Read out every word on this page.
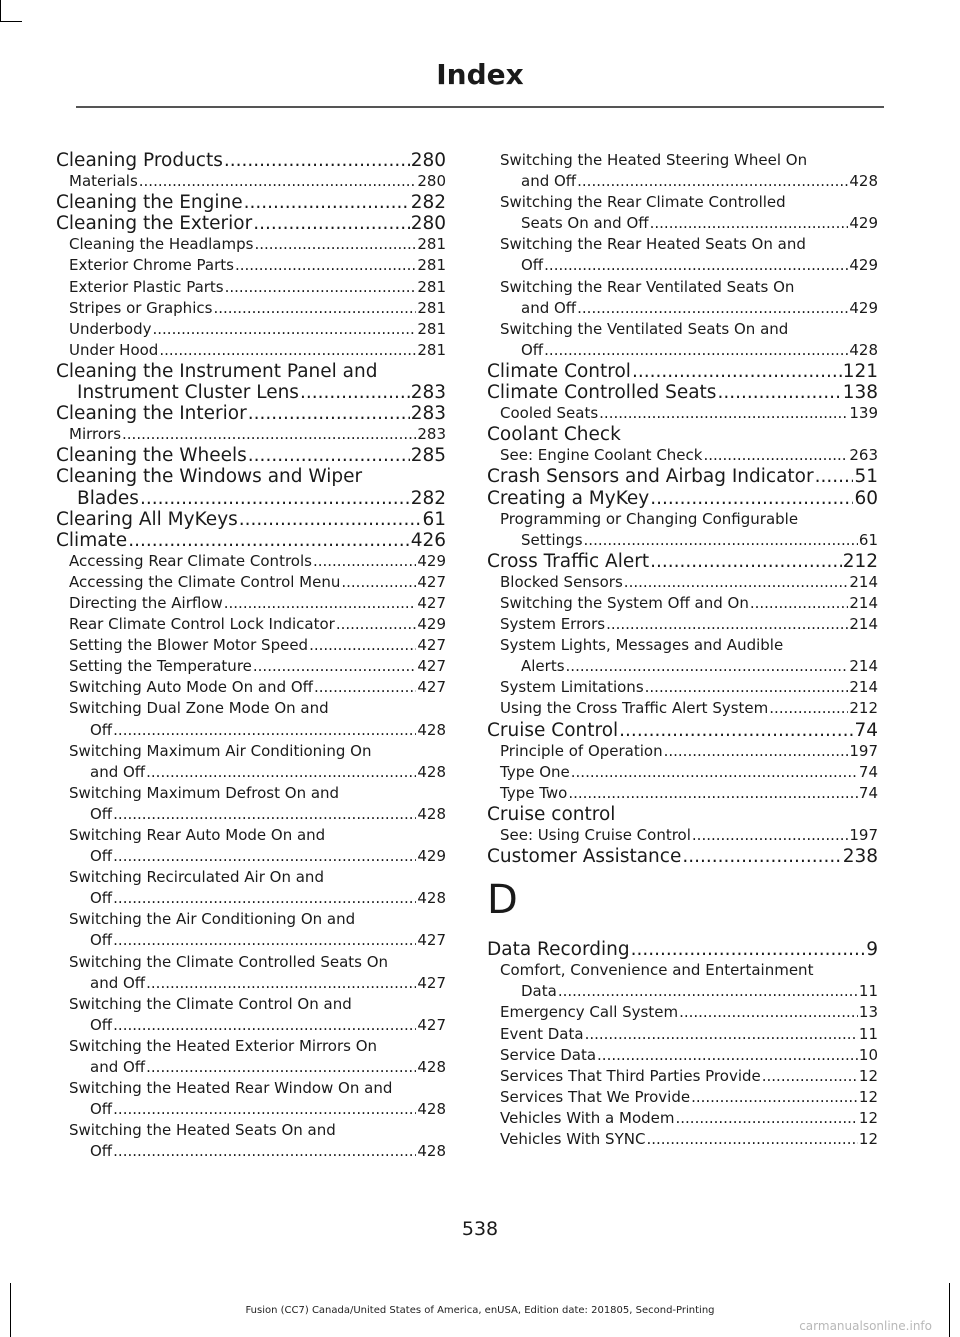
Index
Cleaning Products .....	280
Materials .....	280
Cleaning the Engine .....	282
Cleaning the Exterior .....	280
Cleaning the Headlamps .....	281
Exterior Chrome Parts .....	281
Exterior Plastic Parts .....	281
Stripes or Graphics .....	281
Underbody .....	281
Under Hood .....	281
Cleaning the Instrument Panel and
Instrument Cluster Lens .....	283
Cleaning the Interior .....	283
Mirrors .....	283
Cleaning the Wheels .....	285
Cleaning the Windows and Wiper
Blades .....	282
Clearing All MyKeys .....	61
Climate .....	426
Accessing Rear Climate Controls .....	429
Accessing the Climate Control Menu .....	427
Directing the Airflow .....	427
Rear Climate Control Lock Indicator .....	429
Setting the Blower Motor Speed .....	427
Setting the Temperature .....	427
Switching Auto Mode On and Off .....	427
Switching Dual Zone Mode On and
Off .....	428
Switching Maximum Air Conditioning On
and Off .....	428
Switching Maximum Defrost On and
Off .....	428
Switching Rear Auto Mode On and
Off .....	429
Switching Recirculated Air On and
Off .....	428
Switching the Air Conditioning On and
Off .....	427
Switching the Climate Controlled Seats On
and Off .....	427
Switching the Climate Control On and
Off .....	427
Switching the Heated Exterior Mirrors On
and Off .....	428
Switching the Heated Rear Window On and
Off .....	428
Switching the Heated Seats On and
Off .....	428
Switching the Heated Steering Wheel On
and Off .....	428
Switching the Rear Climate Controlled
Seats On and Off .....	429
Switching the Rear Heated Seats On and
Off .....	429
Switching the Rear Ventilated Seats On
and Off .....	429
Switching the Ventilated Seats On and
Off .....	428
Climate Control .....	121
Climate Controlled Seats .....	138
Cooled Seats .....	139
Coolant Check
See: Engine Coolant Check .....	263
Crash Sensors and Airbag Indicator ..... 51
Creating a MyKey .....	60
Programming or Changing Configurable
Settings .....	61
Cross Traffic Alert .....	212
Blocked Sensors .....	214
Switching the System Off and On .....	214
System Errors .....	214
System Lights, Messages and Audible
Alerts .....	214
System Limitations .....	214
Using the Cross Traffic Alert System .....	212
Cruise Control .....	74
Principle of Operation .....	197
Type One .....	74
Type Two .....	74
Cruise control
See: Using Cruise Control .....	197
Customer Assistance .....	238
D
Data Recording .....	9
Comfort, Convenience and Entertainment
Data .....	11
Emergency Call System .....	13
Event Data .....	11
Service Data .....	10
Services That Third Parties Provide .....	12
Services That We Provide .....	12
Vehicles With a Modem .....	12
Vehicles With SYNC .....	12
538
Fusion (CC7) Canada/United States of America, enUSA, Edition date: 201805, Second-Printing
carmanualsonline.info
